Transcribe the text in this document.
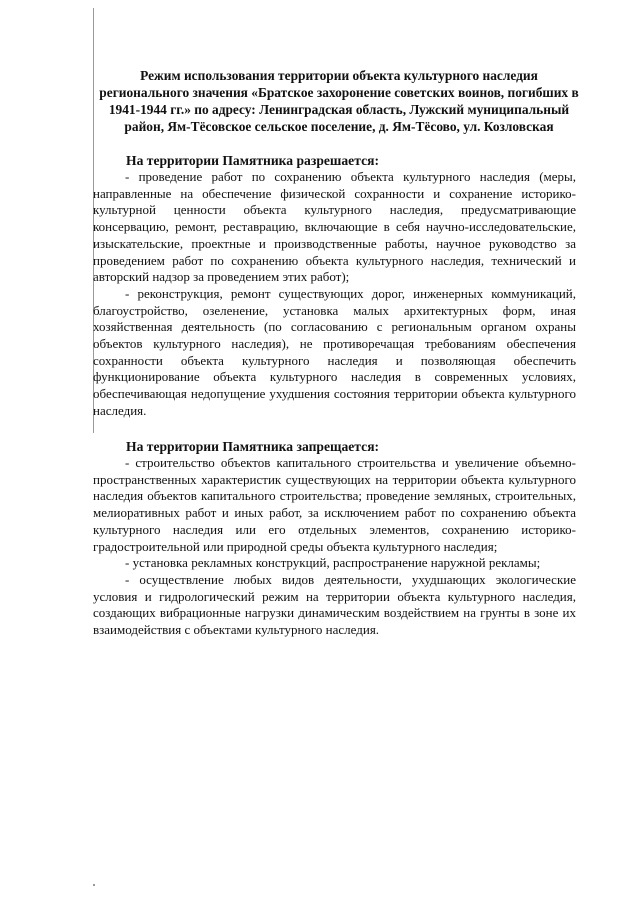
Режим использования территории объекта культурного наследия регионального значения «Братское захоронение советских воинов, погибших в 1941-1944 гг.» по адресу: Ленинградская область, Лужский муниципальный район, Ям-Тёсовское сельское поселение, д. Ям-Тёсово, ул. Козловская
На территории Памятника разрешается:

- проведение работ по сохранению объекта культурного наследия (меры, направленные на обеспечение физической сохранности и сохранение историко-культурной ценности объекта культурного наследия, предусматривающие консервацию, ремонт, реставрацию, включающие в себя научно-исследовательские, изыскательские, проектные и производственные работы, научное руководство за проведением работ по сохранению объекта культурного наследия, технический и авторский надзор за проведением этих работ);

- реконструкция, ремонт существующих дорог, инженерных коммуникаций, благоустройство, озеленение, установка малых архитектурных форм, иная хозяйственная деятельность (по согласованию с региональным органом охраны объектов культурного наследия), не противоречащая требованиям обеспечения сохранности объекта культурного наследия и позволяющая обеспечить функционирование объекта культурного наследия в современных условиях, обеспечивающая недопущение ухудшения состояния территории объекта культурного наследия.

На территории Памятника запрещается:

- строительство объектов капитального строительства и увеличение объемно-пространственных характеристик существующих на территории объекта культурного наследия объектов капитального строительства; проведение земляных, строительных, мелиоративных работ и иных работ, за исключением работ по сохранению объекта культурного наследия или его отдельных элементов, сохранению историко-градостроительной или природной среды объекта культурного наследия;

- установка рекламных конструкций, распространение наружной рекламы;

- осуществление любых видов деятельности, ухудшающих экологические условия и гидрологический режим на территории объекта культурного наследия, создающих вибрационные нагрузки динамическим воздействием на грунты в зоне их взаимодействия с объектами культурного наследия.
